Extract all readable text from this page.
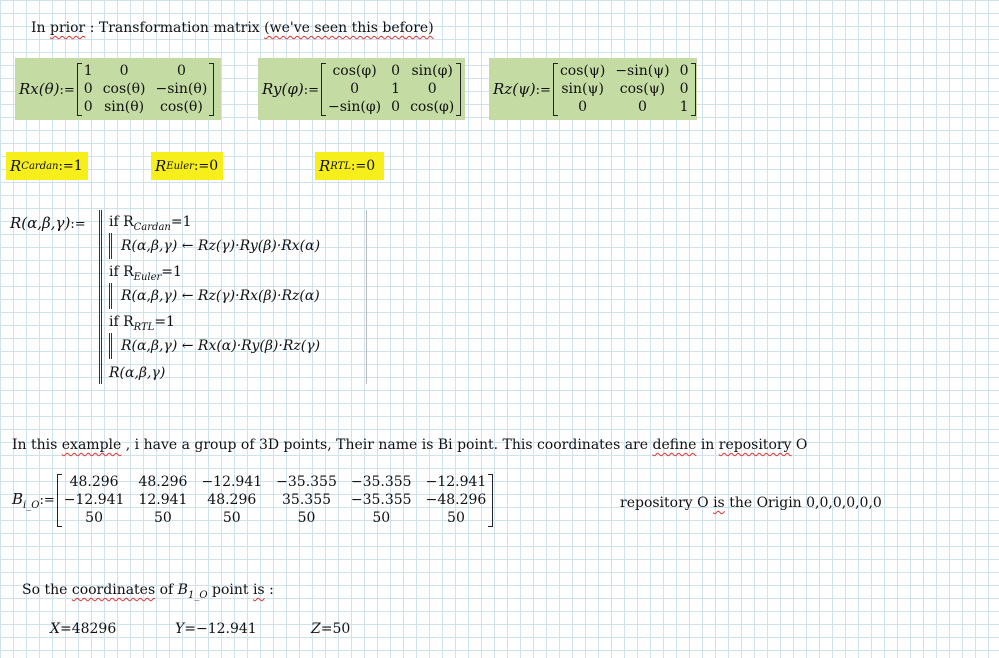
In prior : Transformation matrix (we've seen this before)
Rx(θ):=
1	0	0
0 cos(θ) −sin(θ)
0 sin(θ)	cos(θ)
Ry(φ):=
cos(φ)	0 sin(φ)
0	1	0
−sin(φ) 0 cos(φ)
Rz(ψ):=
cos(ψ) −sin(ψ) 0
sin(ψ)	cos(ψ)	0
0	0	1
R Cardan := 1	R Euler := 0	R RTL := 0
R(α,β,γ):= if $R_{Cardan}=1$
R(α,β,γ) ← Rz(γ)·Ry(β)·Rx(α)
if $R_{Euler}=1$
R(α,β,γ) ← Rz(γ)·Rx(β)·Rz(α)
if $R_{RTL}=1$
R(α,β,γ) ← Rx(α)·Ry(β)·Rz(γ)
R(α,β,γ)
In this example , i have a group of 3D points, Their name is Bi point. This coordinates are define in repository O
$B_{i\_O}$ :=
48.296	48.296 −12.941 −35.355 −35.355 −12.941
−12.941 12.941	48.296	35.355	−35.355 −48.296
50	50	50	50	50	50
repository O is the Origin 0,0,0,0,0,0
So the coordinates of $B_{1\_O}$ point is :
X=48296	Y=−12.941	Z=50
